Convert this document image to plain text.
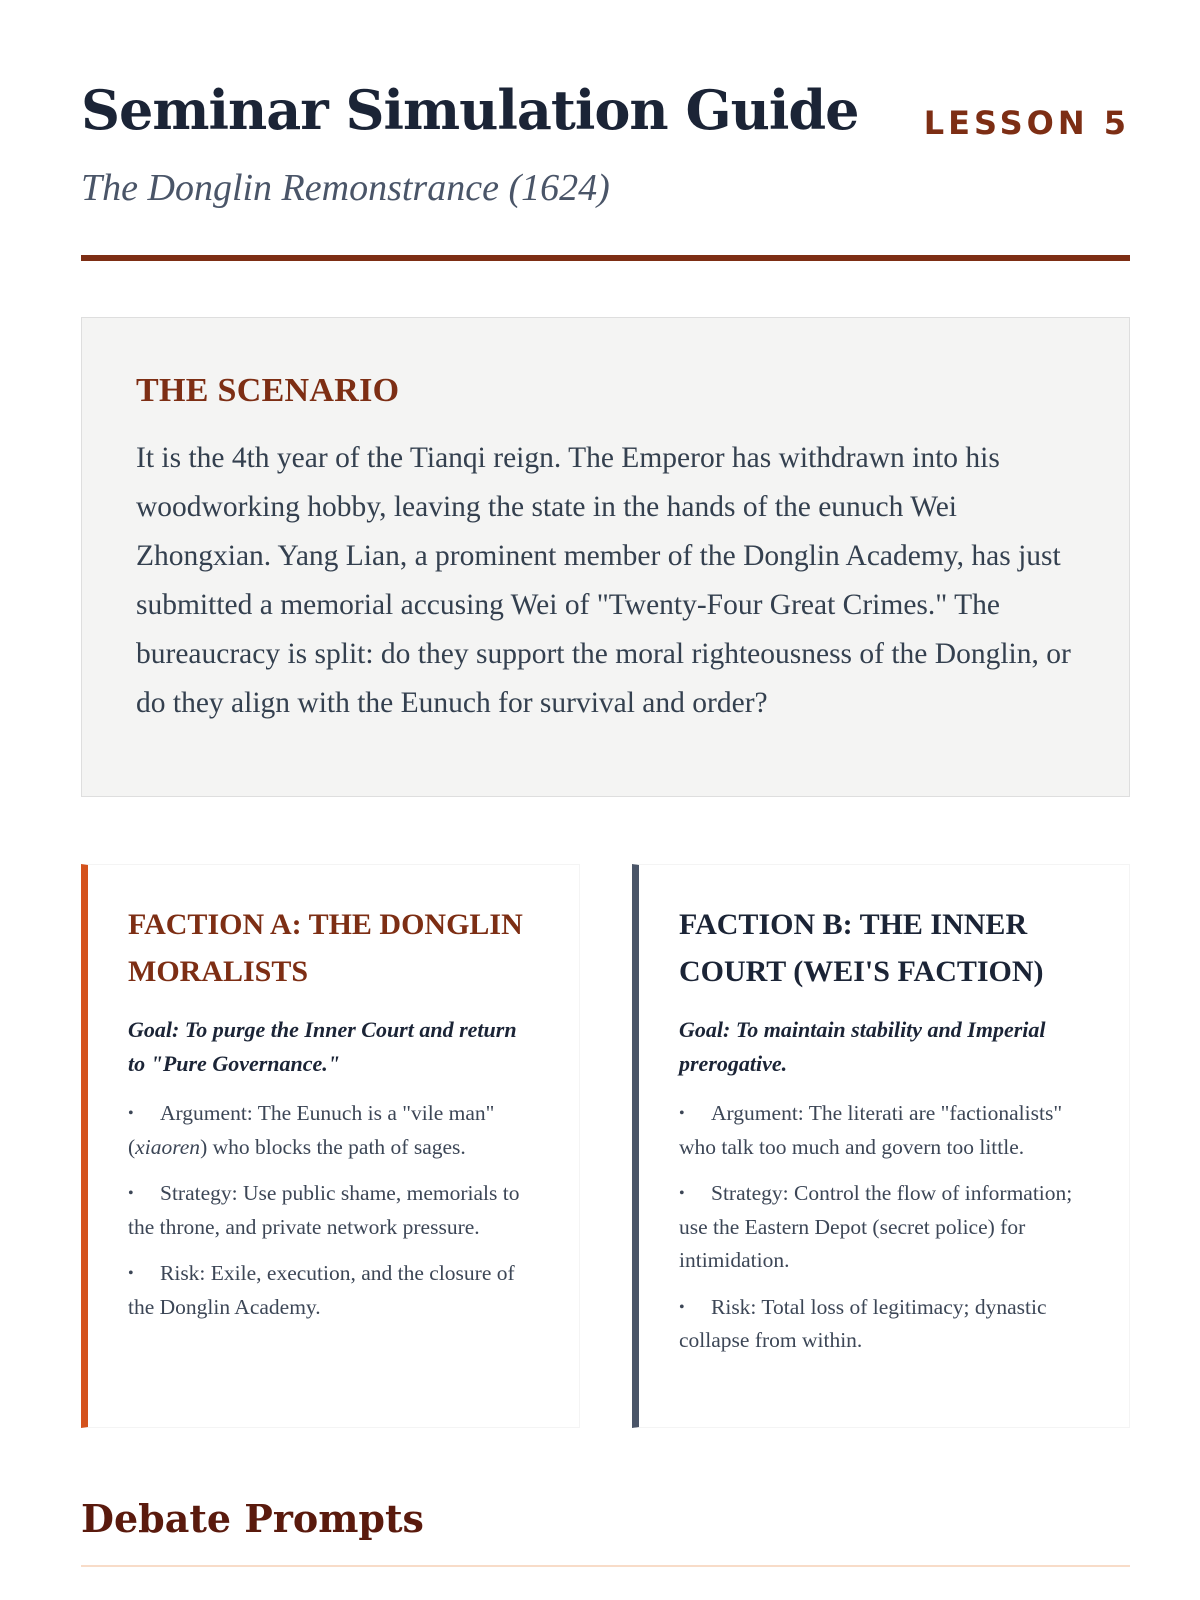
Seminar Simulation Guide LESSON 5
The Donglin Remonstrance (1624)
THE SCENARIO

It is the 4th year of the Tianqi reign. The Emperor has withdrawn into his woodworking hobby, leaving the state in the hands of the eunuch Wei Zhongxian. Yang Lian, a prominent member of the Donglin Academy, has just submitted a memorial accusing Wei of "Twenty-Four Great Crimes." The bureaucracy is split: do they support the moral righteousness of the Donglin, or do they align with the Eunuch for survival and order?

FACTION A: THE DONGLIN MORALISTS

Goal: To purge the Inner Court and return to "Pure Governance."

• Argument: The Eunuch is a "vile man" (xiaoren) who blocks the path of sages.
• Strategy: Use public shame, memorials to the throne, and private network pressure.
• Risk: Exile, execution, and the closure of the Donglin Academy.
FACTION B: THE INNER COURT (WEI'S FACTION)

Goal: To maintain stability and Imperial prerogative.

• Argument: The literati are "factionalists" who talk too much and govern too little.
• Strategy: Control the flow of information; use the Eastern Depot (secret police) for intimidation.
• Risk: Total loss of legitimacy; dynastic collapse from within.
Debate Prompts
